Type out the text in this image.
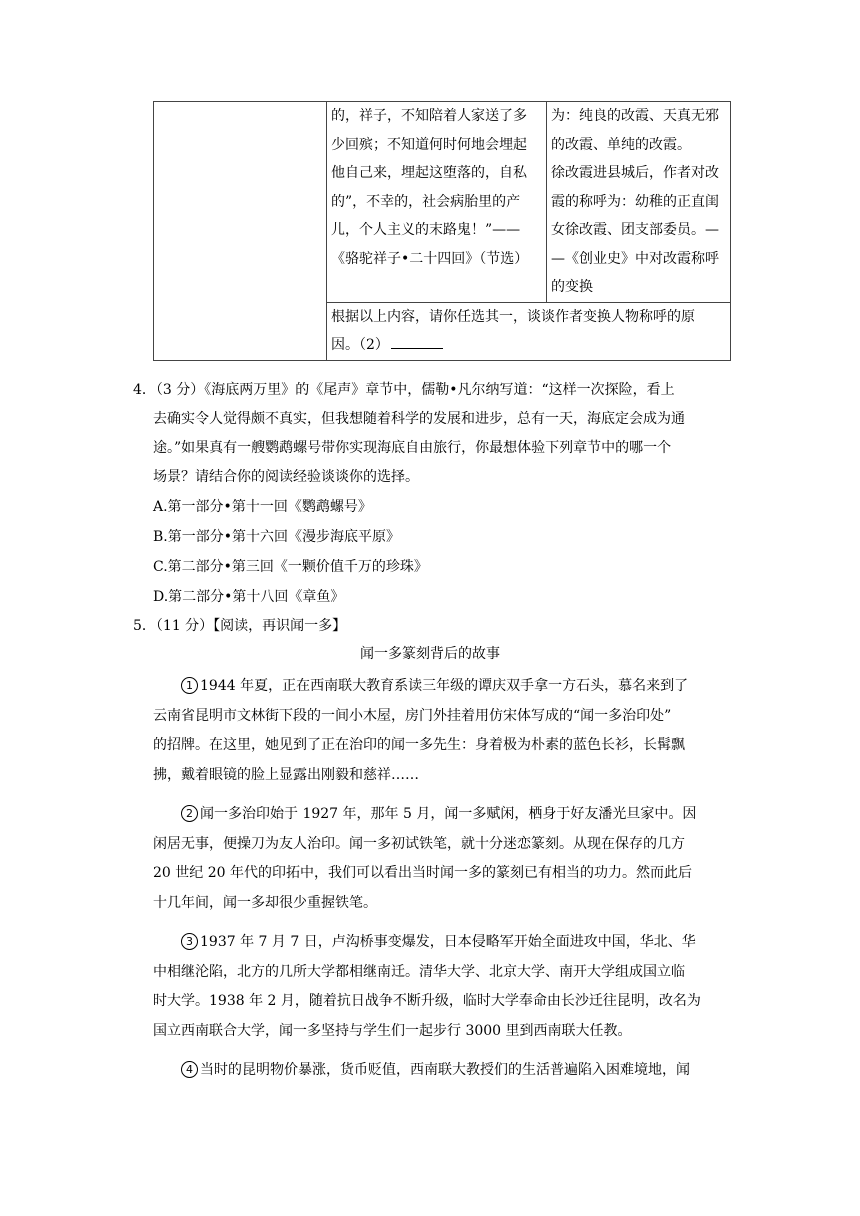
的，祥子，不知陪着人家送了多
少回殡；不知道何时何地会埋起
他自己来，埋起这堕落的，自私
的”，不幸的，社会病胎里的产
儿，个人主义的末路鬼！”——
《骆驼祥子•二十四回》（节选）

为：纯良的改霞、天真无邪
的改霞、单纯的改霞。
徐改霞进县城后，作者对改
霞的称呼为：幼稚的正直闺
女徐改霞、团支部委员。—
—《创业史》中对改霞称呼
的变换

根据以上内容，请你任选其一，谈谈作者变换人物称呼的原
因。（2）
4．（3 分）《海底两万里》的《尾声》章节中，儒勒•凡尔纳写道：“这样一次探险，看上
去确实令人觉得颇不真实，但我想随着科学的发展和进步，总有一天，海底定会成为通
途。”如果真有一艘鹦鹉螺号带你实现海底自由旅行，你最想体验下列章节中的哪一个
场景？请结合你的阅读经验谈谈你的选择。
A.第一部分•第十一回《鹦鹉螺号》
B.第一部分•第十六回《漫步海底平原》
C.第二部分•第三回《一颗价值千万的珍珠》
D.第二部分•第十八回《章鱼》
5．（11 分）【阅读，再识闻一多】
闻一多篆刻背后的故事
1 1944 年夏，正在西南联大教育系读三年级的谭庆双手拿一方石头，慕名来到了
云南省昆明市文林街下段的一间小木屋，房门外挂着用仿宋体写成的“闻一多治印处”
的招牌。在这里，她见到了正在治印的闻一多先生：身着极为朴素的蓝色长衫，长髯飘
拂，戴着眼镜的脸上显露出刚毅和慈祥……
2 闻一多治印始于 1927 年，那年 5 月，闻一多赋闲，栖身于好友潘光旦家中。因
闲居无事，便操刀为友人治印。闻一多初试铁笔，就十分迷恋篆刻。从现在保存的几方
20 世纪 20 年代的印拓中，我们可以看出当时闻一多的篆刻已有相当的功力。然而此后
十几年间，闻一多却很少重握铁笔。
3 1937 年 7 月 7 日，卢沟桥事变爆发，日本侵略军开始全面进攻中国，华北、华
中相继沦陷，北方的几所大学都相继南迁。清华大学、北京大学、南开大学组成国立临
时大学。1938 年 2 月，随着抗日战争不断升级，临时大学奉命由长沙迁往昆明，改名为
国立西南联合大学，闻一多坚持与学生们一起步行 3000 里到西南联大任教。
4 当时的昆明物价暴涨，货币贬值，西南联大教授们的生活普遍陷入困难境地，闻
